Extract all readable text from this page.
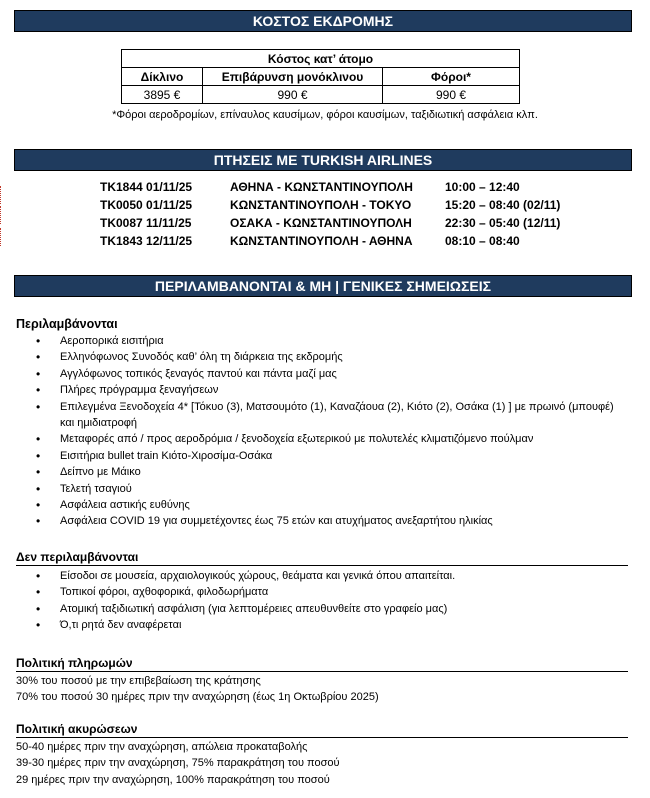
ΚΟΣΤΟΣ ΕΚΔΡΟΜΗΣ
Κόστος κατ’ άτομο		
Δίκλινο	Επιβάρυνση μονόκλινου	Φόροι*
3895 €	990 €	990 €
*Φόροι αεροδρομίων, επίναυλος καυσίμων, φόροι καυσίμων, ταξιδιωτική ασφάλεια κλπ.
ΠΤΗΣΕΙΣ ΜΕ TURKISH AIRLINES
TK1844 01/11/25	ΑΘΗΝΑ - ΚΩΝΣΤΑΝΤΙΝΟΥΠΟΛΗ	10:00 – 12:40
TK0050 01/11/25	ΚΩΝΣΤΑΝΤΙΝΟΥΠΟΛΗ - ΤΟΚΥΟ	15:20 – 08:40 (02/11)
TK0087 11/11/25	ΟΣΑΚΑ - ΚΩΝΣΤΑΝΤΙΝΟΥΠΟΛΗ	22:30 – 05:40 (12/11)
TK1843 12/11/25	ΚΩΝΣΤΑΝΤΙΝΟΥΠΟΛΗ - ΑΘΗΝΑ	08:10 – 08:40
ΠΕΡΙΛΑΜΒΑΝΟΝΤΑΙ & ΜΗ | ΓΕΝΙΚΕΣ ΣΗΜΕΙΩΣΕΙΣ
Περιλαμβάνονται
• Αεροπορικά εισιτήρια
• Ελληνόφωνος Συνοδός καθ’ όλη τη διάρκεια της εκδρομής
• Αγγλόφωνος τοπικός ξεναγός παντού και πάντα μαζί μας
• Πλήρες πρόγραμμα ξεναγήσεων
• Επιλεγμένα Ξενοδοχεία 4* [Τόκυο (3), Ματσουμότο (1), Καναζάουα (2), Κιότο (2), Οσάκα (1) ] με πρωινό (μπουφέ) και ημιδιατροφή
• Μεταφορές από / προς αεροδρόμια / ξενοδοχεία εξωτερικού με πολυτελές κλιματιζόμενο πούλμαν
• Εισιτήρια bullet train Κιότο-Χιροσίμα-Οσάκα
• Δείπνο με Μάικο
• Τελετή τσαγιού
• Ασφάλεια αστικής ευθύνης
• Ασφάλεια COVID 19 για συμμετέχοντες έως 75 ετών και ατυχήματος ανεξαρτήτου ηλικίας
Δεν περιλαμβάνονται
• Είσοδοι σε μουσεία, αρχαιολογικούς χώρους, θεάματα και γενικά όπου απαιτείται.
• Τοπικοί φόροι, αχθοφορικά, φιλοδωρήματα
• Ατομική ταξιδιωτική ασφάλιση (για λεπτομέρειες απευθυνθείτε στο γραφείο μας)
• Ό,τι ρητά δεν αναφέρεται
Πολιτική πληρωμών
30% του ποσού με την επιβεβαίωση της κράτησης
70% του ποσού 30 ημέρες πριν την αναχώρηση (έως 1η Οκτωβρίου 2025)
Πολιτική ακυρώσεων
50-40 ημέρες πριν την αναχώρηση, απώλεια προκαταβολής
39-30 ημέρες πριν την αναχώρηση, 75% παρακράτηση του ποσού
29 ημέρες πριν την αναχώρηση, 100% παρακράτηση του ποσού
